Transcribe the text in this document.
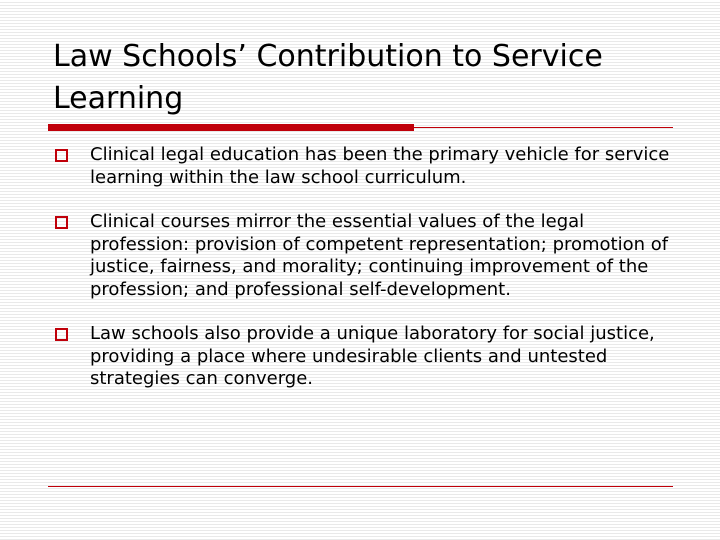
Law Schools’ Contribution to Service Learning
Clinical legal education has been the primary vehicle for service learning within the law school curriculum.
Clinical courses mirror the essential values of the legal profession: provision of competent representation; promotion of justice, fairness, and morality; continuing improvement of the profession; and professional self-development.
Law schools also provide a unique laboratory for social justice, providing a place where undesirable clients and untested strategies can converge.
